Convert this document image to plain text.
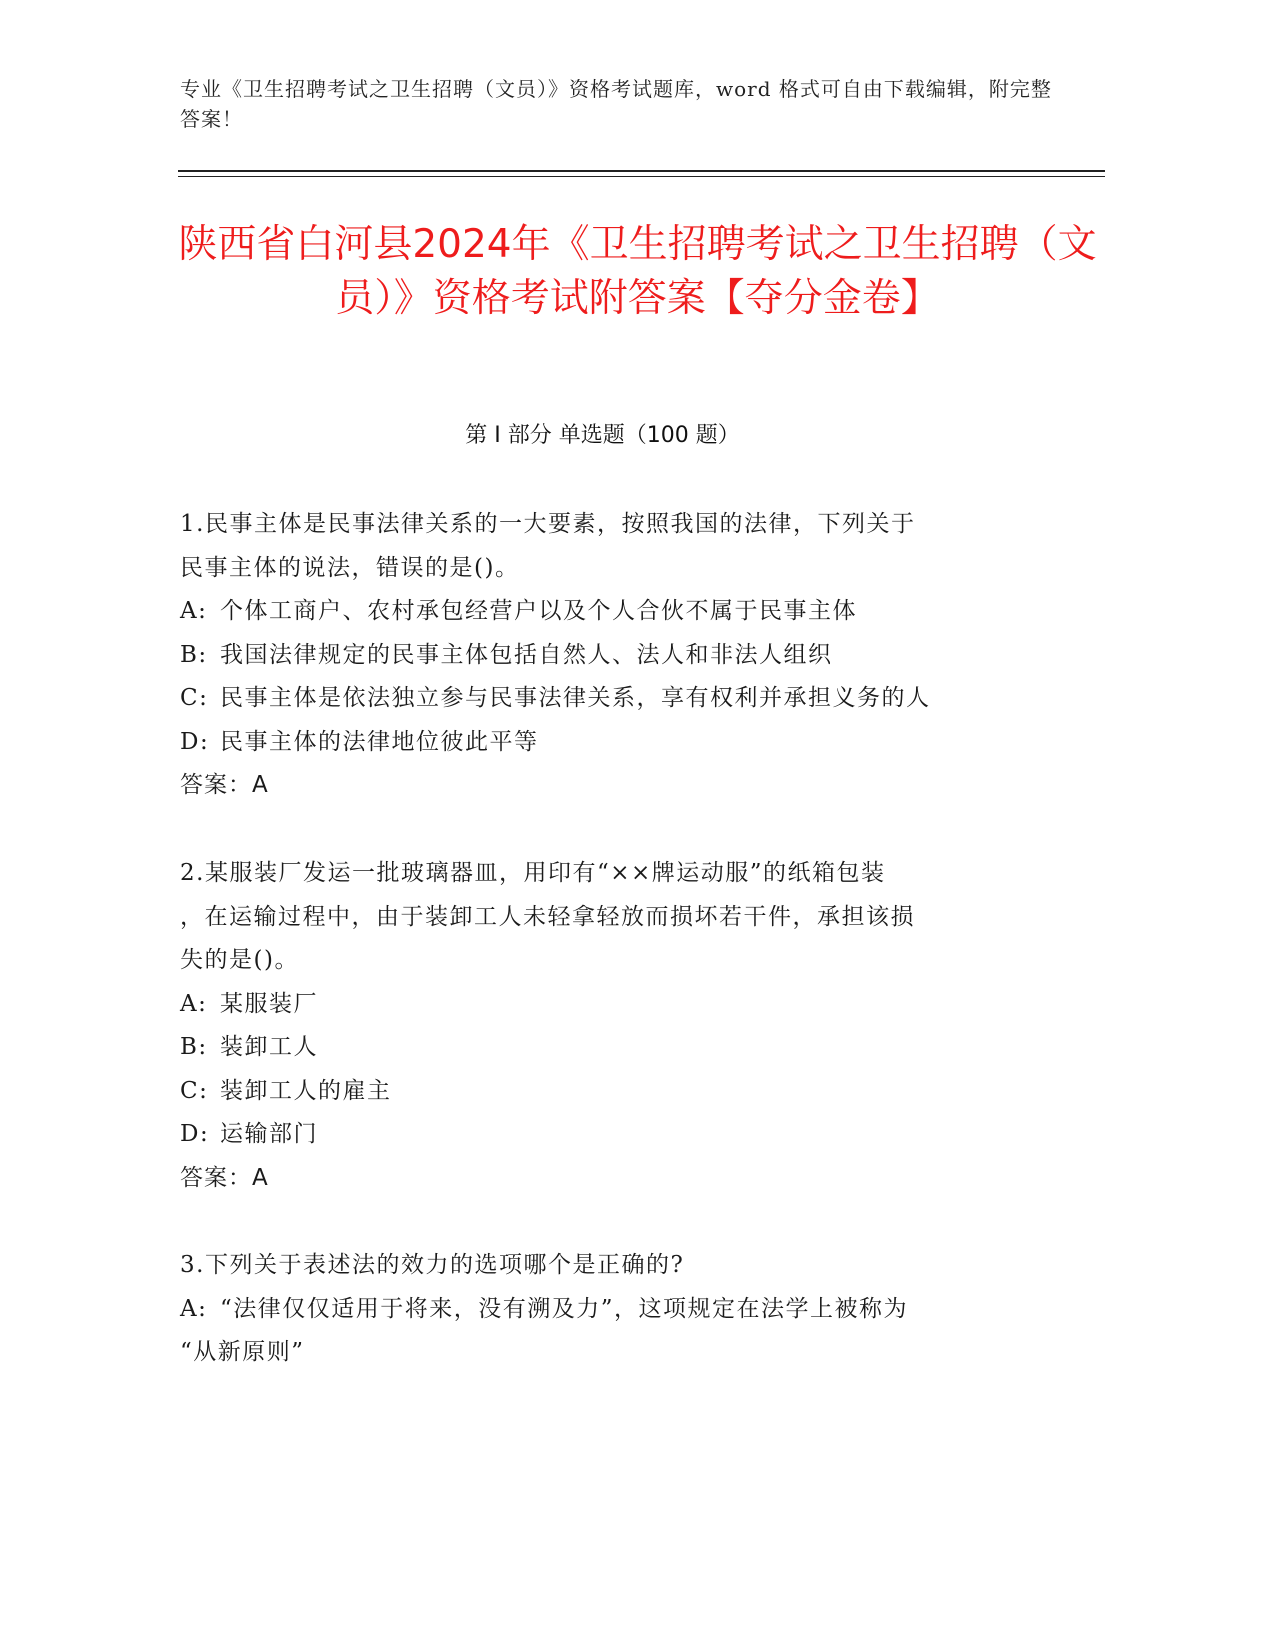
专业《卫生招聘考试之卫生招聘（文员）》资格考试题库，word 格式可自由下载编辑，附完整答案！
陕西省白河县2024年《卫生招聘考试之卫生招聘（文员）》资格考试附答案【夺分金卷】
第 I 部分 单选题（100 题）
1.民事主体是民事法律关系的一大要素，按照我国的法律，下列关于
民事主体的说法，错误的是()。
A: 个体工商户、农村承包经营户以及个人合伙不属于民事主体
B: 我国法律规定的民事主体包括自然人、法人和非法人组织
C: 民事主体是依法独立参与民事法律关系，享有权利并承担义务的人
D: 民事主体的法律地位彼此平等
答案：A
2.某服装厂发运一批玻璃器皿，用印有“××牌运动服”的纸箱包装
，在运输过程中，由于装卸工人未轻拿轻放而损坏若干件，承担该损
失的是()。
A: 某服装厂
B: 装卸工人
C: 装卸工人的雇主
D: 运输部门
答案：A
3.下列关于表述法的效力的选项哪个是正确的?
A: “法律仅仅适用于将来，没有溯及力”，这项规定在法学上被称为
“从新原则”
